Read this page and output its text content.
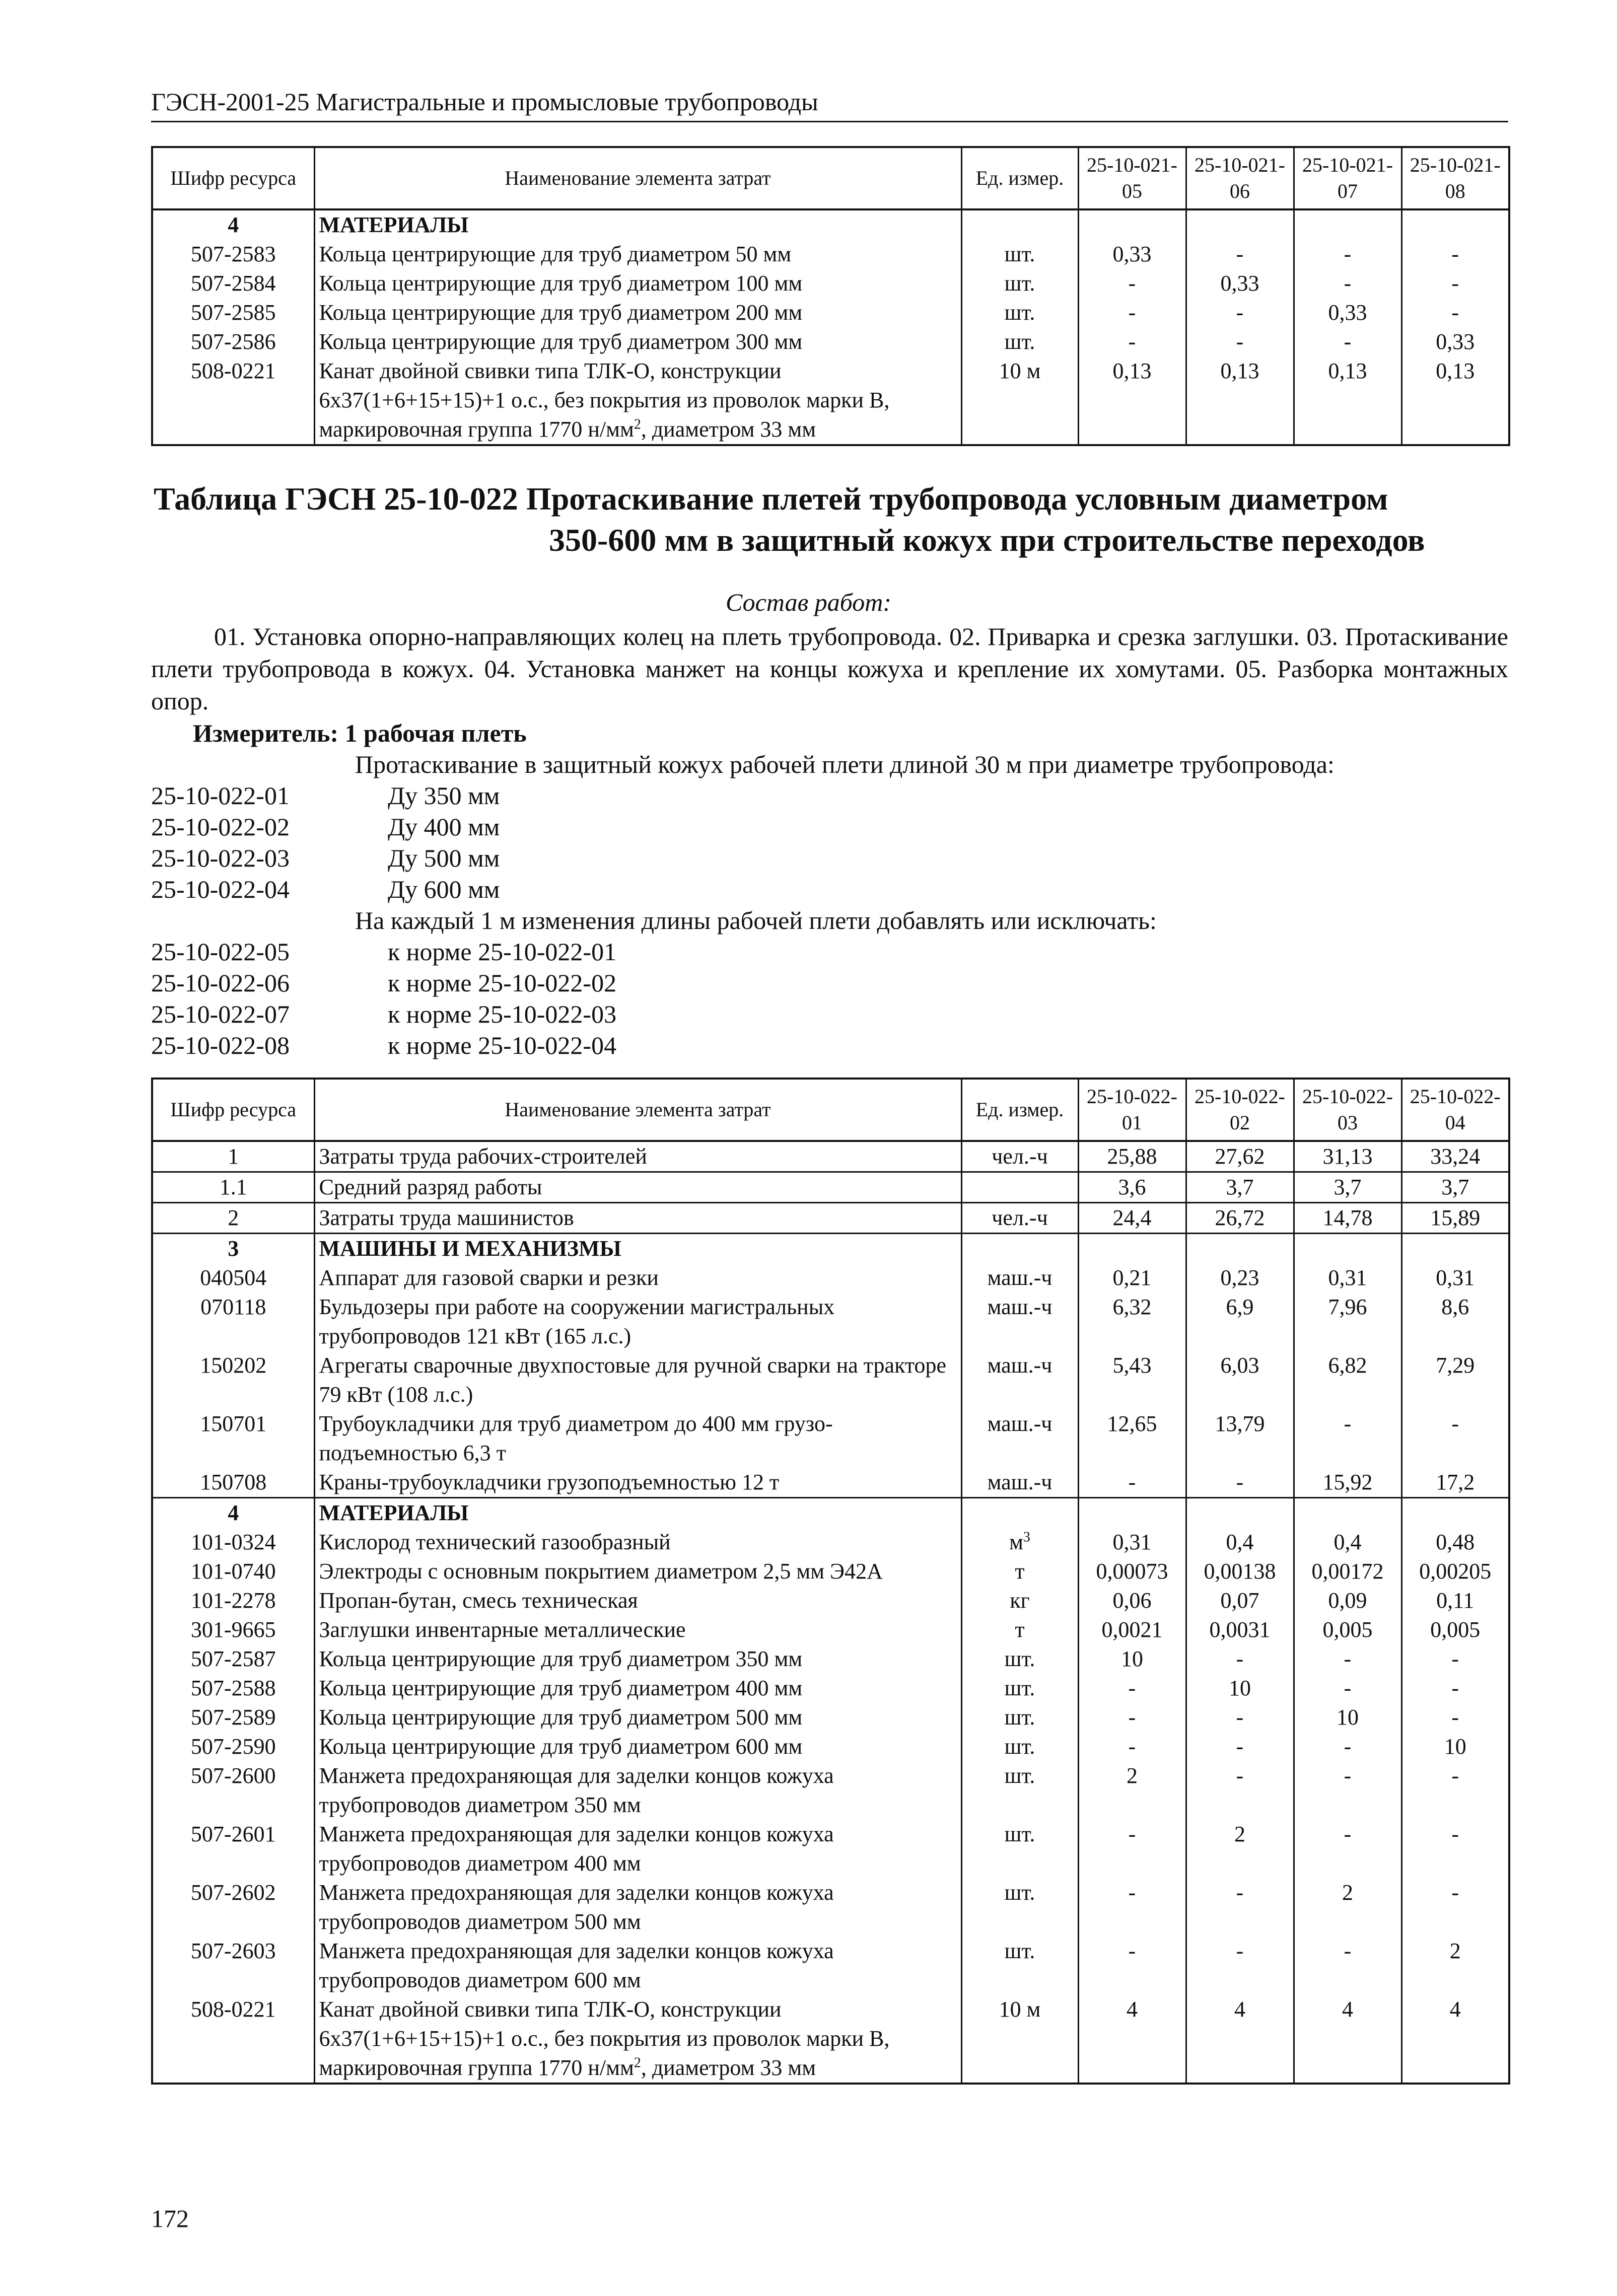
ГЭСН-2001-25 Магистральные и промысловые трубопроводы
Шифр ресурса	Наименование элемента затрат	Ед. измер.	25-10-021-05	25-10-021-06	25-10-021-07	25-10-021-08
4	МАТЕРИАЛЫ					
507-2583	Кольца центрирующие для труб диаметром 50 мм	шт.	0,33	-	-	-
507-2584	Кольца центрирующие для труб диаметром 100 мм	шт.	-	0,33	-	-
507-2585	Кольца центрирующие для труб диаметром 200 мм	шт.	-	-	0,33	-
507-2586	Кольца центрирующие для труб диаметром 300 мм	шт.	-	-	-	0,33
508-0221	Канат двойной свивки типа ТЛК-О, конструкции 6х37(1+6+15+15)+1 о.с., без покрытия из проволок марки В, маркировочная группа 1770 $н/мм^2$, диаметром 33 мм	10 м	0,13	0,13	0,13	0,13
Таблица ГЭСН 25-10-022 Протаскивание плетей трубопровода условным диаметром
350-600 мм в защитный кожух при строительстве переходов
Состав работ:
01. Установка опорно-направляющих колец на плеть трубопровода. 02. Приварка и срезка заглушки. 03. Протаскивание плети трубопровода в кожух. 04. Установка манжет на концы кожуха и крепление их хомутами. 05. Разборка монтажных опор.
Измеритель: 1 рабочая плеть
Протаскивание в защитный кожух рабочей плети длиной 30 м при диаметре трубопровода:
25-10-022-01	Ду 350 мм
25-10-022-02	Ду 400 мм
25-10-022-03	Ду 500 мм
25-10-022-04	Ду 600 мм
На каждый 1 м изменения длины рабочей плети добавлять или исключать:
25-10-022-05	к норме 25-10-022-01
25-10-022-06	к норме 25-10-022-02
25-10-022-07	к норме 25-10-022-03
25-10-022-08	к норме 25-10-022-04
Шифр ресурса	Наименование элемента затрат	Ед. измер.	25-10-022-01	25-10-022-02	25-10-022-03	25-10-022-04
1	Затраты труда рабочих-строителей	чел.-ч	25,88	27,62	31,13	33,24
1.1	Средний разряд работы		3,6	3,7	3,7	3,7
2	Затраты труда машинистов	чел.-ч	24,4	26,72	14,78	15,89
3	МАШИНЫ И МЕХАНИЗМЫ					
040504	Аппарат для газовой сварки и резки	маш.-ч	0,21	0,23	0,31	0,31
070118	Бульдозеры при работе на сооружении магистральных трубопроводов 121 кВт (165 л.с.)	маш.-ч	6,32	6,9	7,96	8,6
150202	Агрегаты сварочные двухпостовые для ручной сварки на тракторе 79 кВт (108 л.с.)	маш.-ч	5,43	6,03	6,82	7,29
150701	Трубоукладчики для труб диаметром до 400 мм грузо-подъемностью 6,3 т	маш.-ч	12,65	13,79	-	-
150708	Краны-трубоукладчики грузоподъемностью 12 т	маш.-ч	-	-	15,92	17,2
4	МАТЕРИАЛЫ					
101-0324	Кислород технический газообразный	$м^3$	0,31	0,4	0,4	0,48
101-0740	Электроды с основным покрытием диаметром 2,5 мм Э42А	т	0,00073	0,00138	0,00172	0,00205
101-2278	Пропан-бутан, смесь техническая	кг	0,06	0,07	0,09	0,11
301-9665	Заглушки инвентарные металлические	т	0,0021	0,0031	0,005	0,005
507-2587	Кольца центрирующие для труб диаметром 350 мм	шт.	10	-	-	-
507-2588	Кольца центрирующие для труб диаметром 400 мм	шт.	-	10	-	-
507-2589	Кольца центрирующие для труб диаметром 500 мм	шт.	-	-	10	-
507-2590	Кольца центрирующие для труб диаметром 600 мм	шт.	-	-	-	10
507-2600	Манжета предохраняющая для заделки концов кожуха трубопроводов диаметром 350 мм	шт.	2	-	-	-
507-2601	Манжета предохраняющая для заделки концов кожуха трубопроводов диаметром 400 мм	шт.	-	2	-	-
507-2602	Манжета предохраняющая для заделки концов кожуха трубопроводов диаметром 500 мм	шт.	-	-	2	-
507-2603	Манжета предохраняющая для заделки концов кожуха трубопроводов диаметром 600 мм	шт.	-	-	-	2
508-0221	Канат двойной свивки типа ТЛК-О, конструкции 6х37(1+6+15+15)+1 о.с., без покрытия из проволок марки В, маркировочная группа 1770 $н/мм^2$, диаметром 33 мм	10 м	4	4	4	4
172
